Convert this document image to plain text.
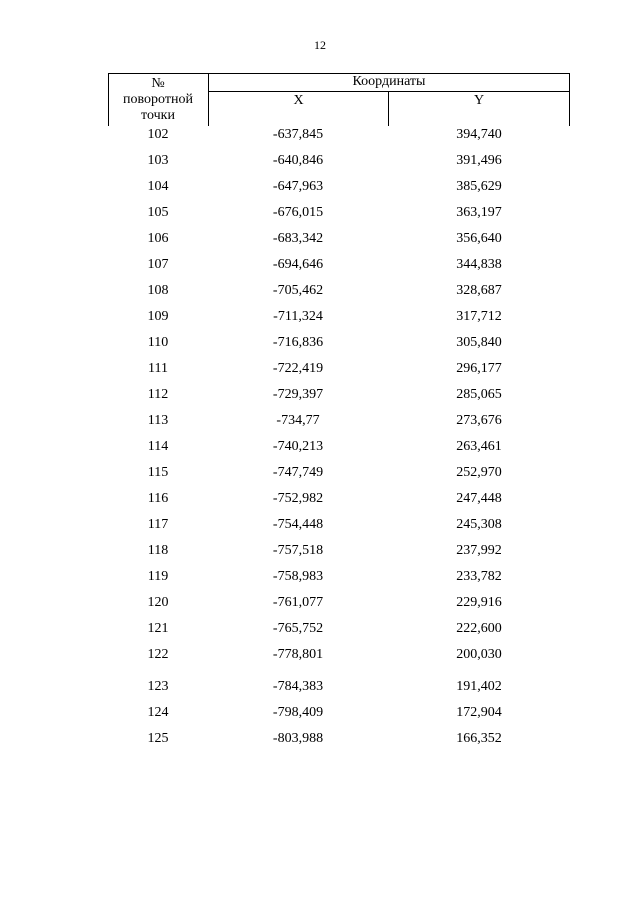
12
№
поворотной
точки
Координаты
X	Y
102	-637,845	394,740
103	-640,846	391,496
104	-647,963	385,629
105	-676,015	363,197
106	-683,342	356,640
107	-694,646	344,838
108	-705,462	328,687
109	-711,324	317,712
110	-716,836	305,840
111	-722,419	296,177
112	-729,397	285,065
113	-734,77	273,676
114	-740,213	263,461
115	-747,749	252,970
116	-752,982	247,448
117	-754,448	245,308
118	-757,518	237,992
119	-758,983	233,782
120	-761,077	229,916
121	-765,752	222,600
122	-778,801	200,030
123	-784,383	191,402
124	-798,409	172,904
125	-803,988	166,352
